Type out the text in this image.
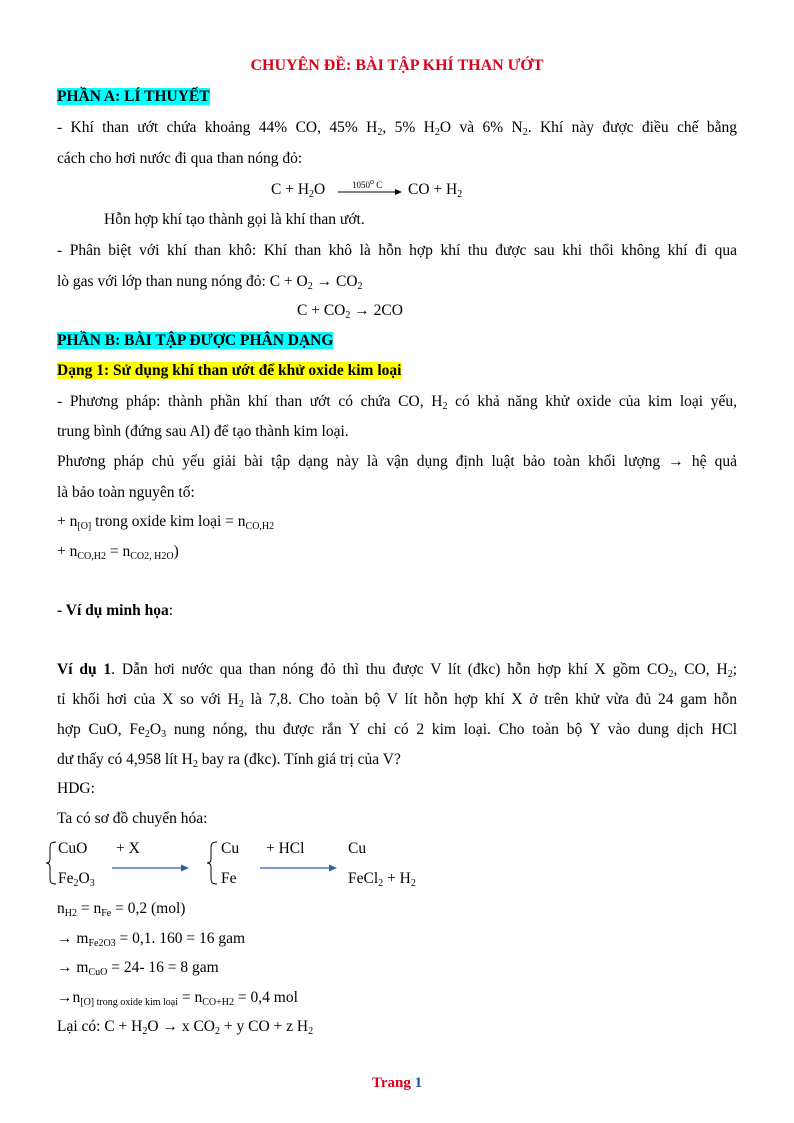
CHUYÊN ĐỀ: BÀI TẬP KHÍ THAN ƯỚT
PHẦN A: LÍ THUYẾT
- Khí than ướt chứa khoảng 44% CO, 45% $H_2$, 5% $H_2O$ và 6% $N_2$. Khí này được điều chế bằng
cách cho hơi nước đi qua than nóng đỏ:
$C + H_2O$	1050$^o$ C CO + $H_2$
Hỗn hợp khí tạo thành gọi là khí than ướt.
- Phân biệt với khí than khô: Khí than khô là hỗn hợp khí thu được sau khi thổi không khí đi qua
lò gas với lớp than nung nóng đỏ: $C + O_2 \to CO_2$
$C + CO_2 \to 2CO$
PHẦN B: BÀI TẬP ĐƯỢC PHÂN DẠNG
Dạng 1: Sử dụng khí than ướt để khử oxide kim loại
- Phương pháp: thành phần khí than ướt có chứa CO, $H_2$ có khả năng khử oxide của kim loại yếu,
trung bình (đứng sau Al) để tạo thành kim loại.
Phương pháp chủ yếu giải bài tập dạng này là vận dụng định luật bảo toàn khối lượng → hệ quả
là bảo toàn nguyên tố:
+ $n_{[O]}$ trong oxide kim loại = $n_{CO,H2}$
+ $n_{CO,H2} = n_{CO2, H2O}$)
- Ví dụ minh họa:
Ví dụ 1. Dẫn hơi nước qua than nóng đỏ thì thu được V lít (đkc) hỗn hợp khí X gồm $CO_2$, CO, $H_2$;
tỉ khối hơi của X so với $H_2$ là 7,8. Cho toàn bộ V lít hỗn hợp khí X ở trên khử vừa đủ 24 gam hỗn
hợp CuO, $Fe_2O_3$ nung nóng, thu được rắn Y chỉ có 2 kim loại. Cho toàn bộ Y vào dung dịch HCl
dư thấy có 4,958 lít $H_2$ bay ra (đkc). Tính giá trị của V?
HDG:
Ta có sơ đồ chuyển hóa:
CuO + X
$Fe_2O_3$
Cu + HCl
Fe
Cu
FeCl$_2$ + $H_2$
$n_{H2} = n_{Fe} = 0,2$ (mol)
→ $m_{Fe2O3} = 0,1$. 160 = 16 gam
→ $m_{CuO} = 24-$ 16 = 8 gam
$\to n_{[O] trong oxide kim loại} = n_{CO+H2} = 0,4$ mol
Lại có: $C + H_2O \to x$ $CO_2 + y$ CO + z $H_2$
Trang 1
